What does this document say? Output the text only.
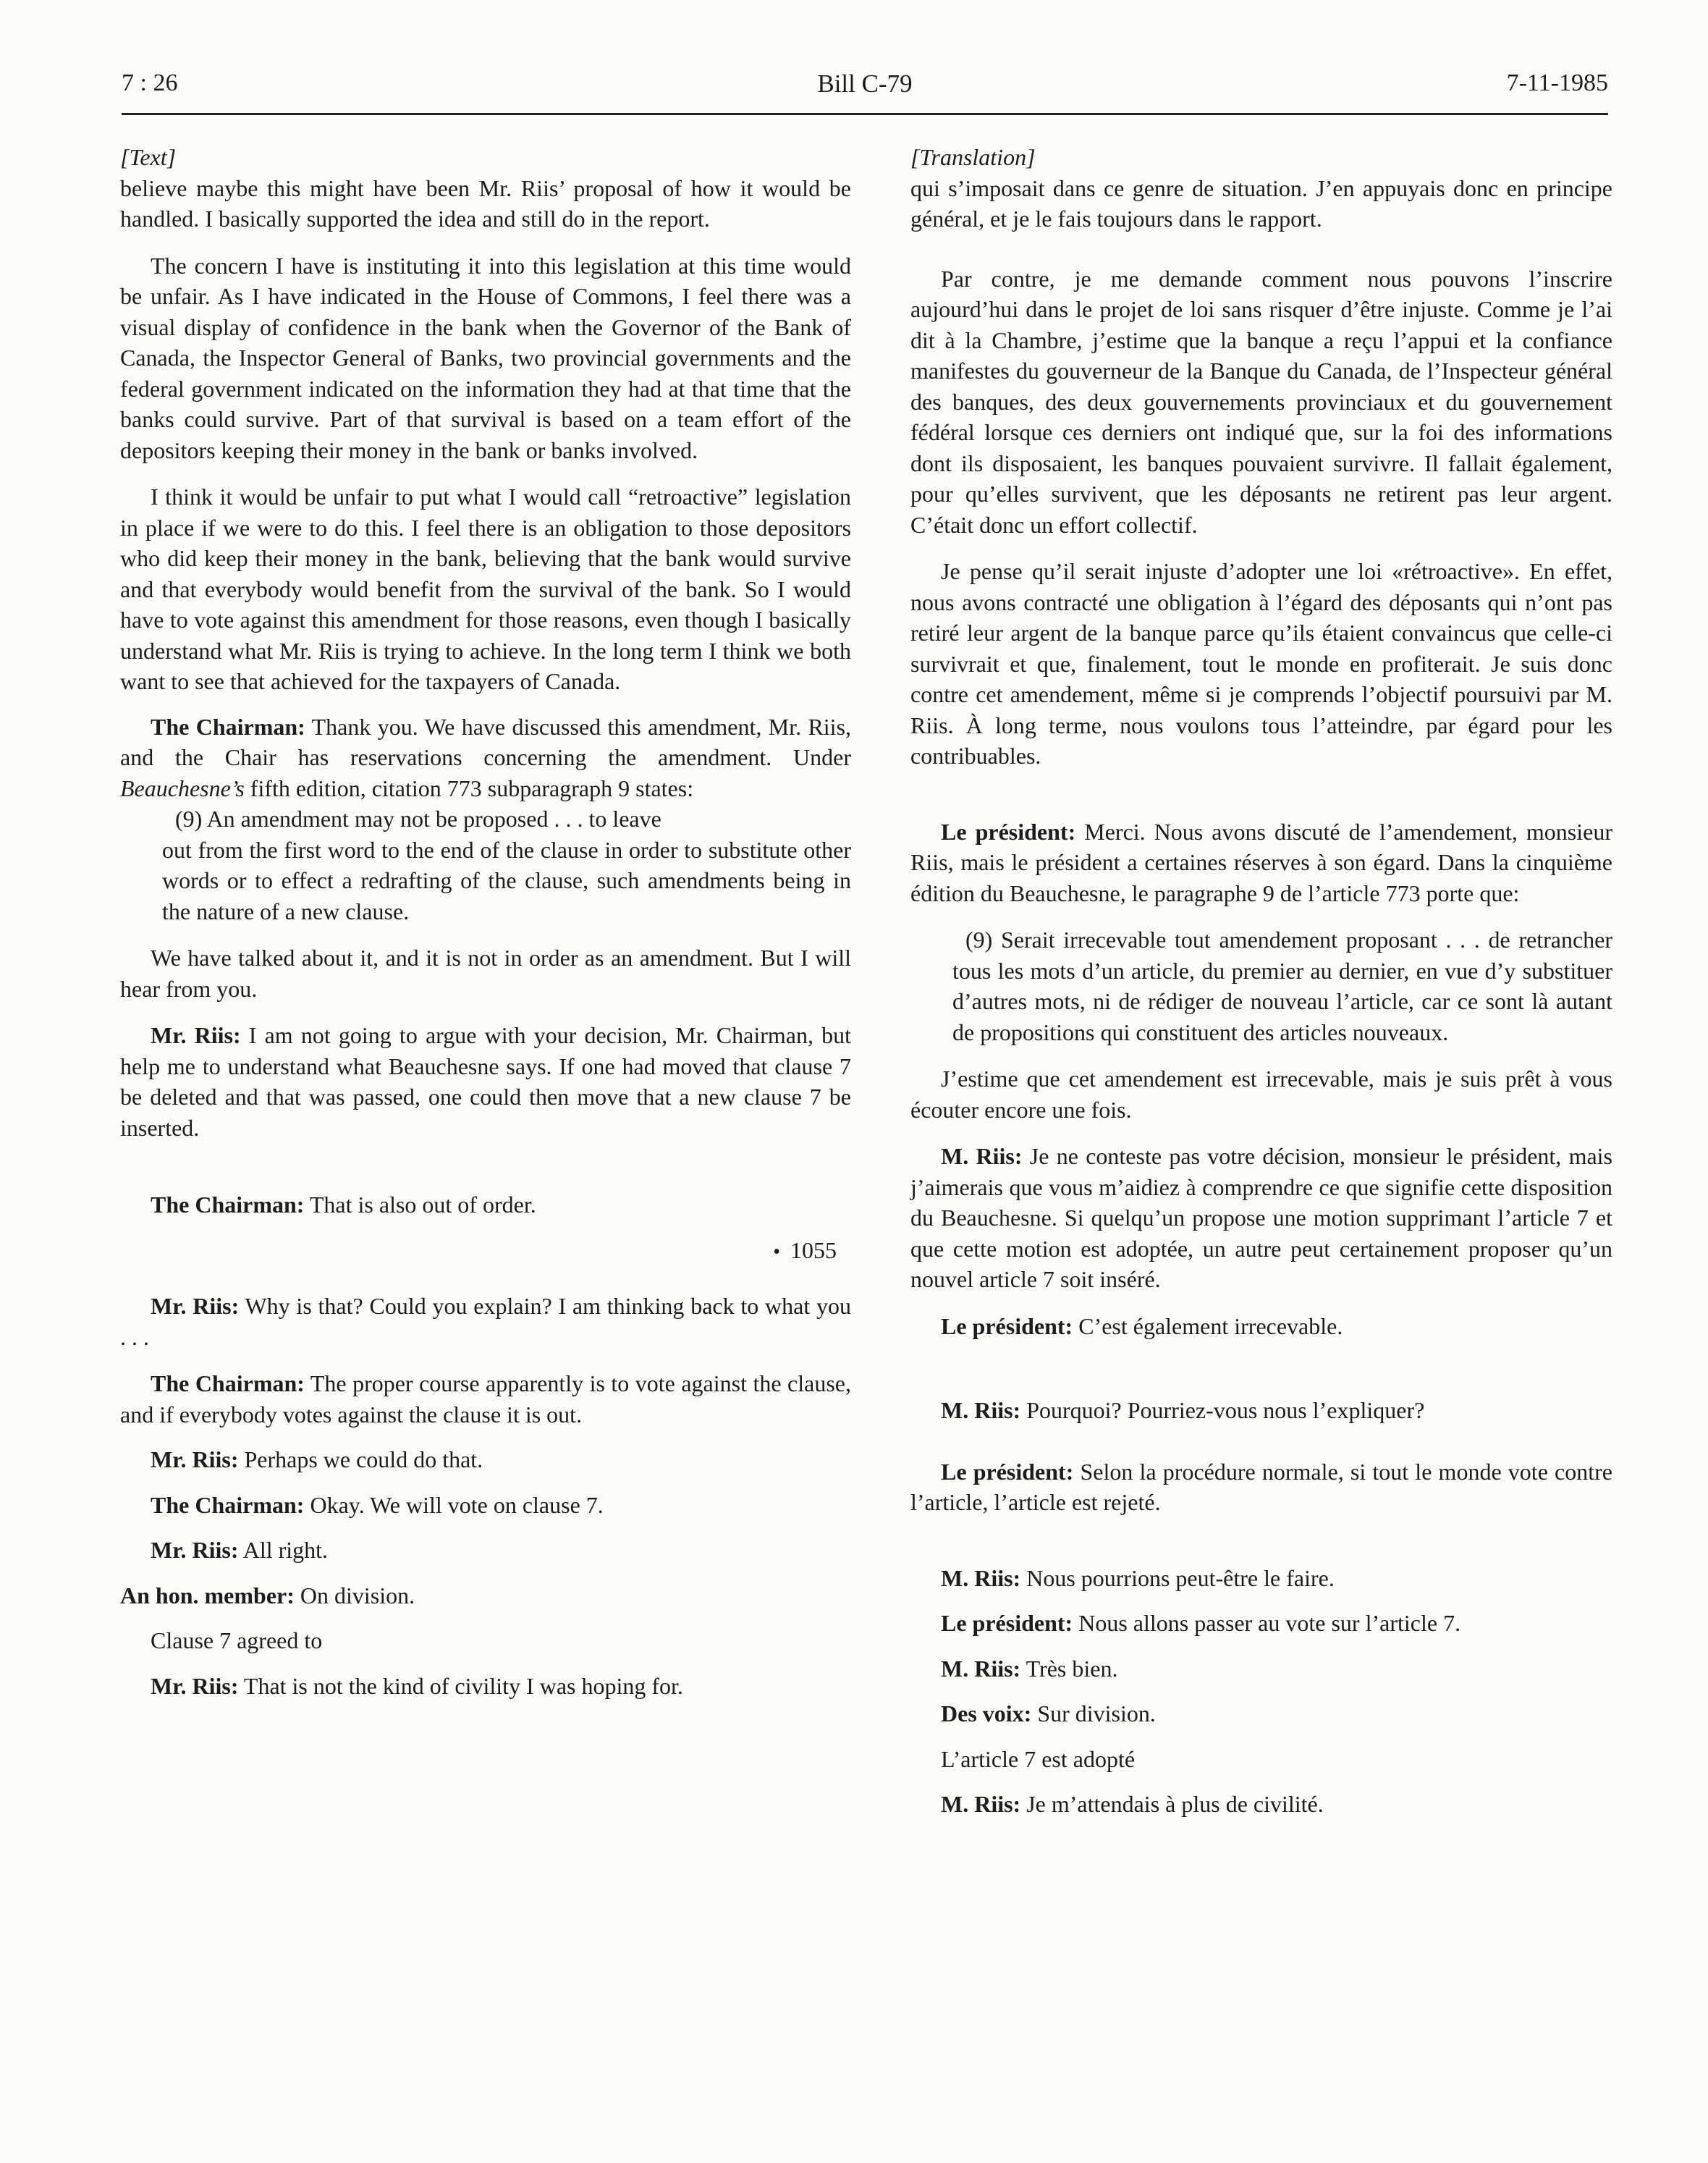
7 : 26	Bill C-79	7-11-1985

[Text]

believe maybe this might have been Mr. Riis’ proposal of how it would be handled. I basically supported the idea and still do in the report.

The concern I have is instituting it into this legislation at this time would be unfair. As I have indicated in the House of Commons, I feel there was a visual display of confidence in the bank when the Governor of the Bank of Canada, the Inspector General of Banks, two provincial governments and the federal government indicated on the information they had at that time that the banks could survive. Part of that survival is based on a team effort of the depositors keeping their money in the bank or banks involved.

I think it would be unfair to put what I would call “retroactive” legislation in place if we were to do this. I feel there is an obligation to those depositors who did keep their money in the bank, believing that the bank would survive and that everybody would benefit from the survival of the bank. So I would have to vote against this amendment for those reasons, even though I basically understand what Mr. Riis is trying to achieve. In the long term I think we both want to see that achieved for the taxpayers of Canada.

The Chairman: Thank you. We have discussed this amendment, Mr. Riis, and the Chair has reservations concerning the amendment. Under Beauchesne’s fifth edition, citation 773 subparagraph 9 states:

(9) An amendment may not be proposed . . . to leave
out from the first word to the end of the clause in order to substitute other words or to effect a redrafting of the clause, such amendments being in the nature of a new clause.

We have talked about it, and it is not in order as an amendment. But I will hear from you.

Mr. Riis: I am not going to argue with your decision, Mr. Chairman, but help me to understand what Beauchesne says. If one had moved that clause 7 be deleted and that was passed, one could then move that a new clause 7 be inserted.

The Chairman: That is also out of order.

• 1055

Mr. Riis: Why is that? Could you explain? I am thinking back to what you . . .

The Chairman: The proper course apparently is to vote against the clause, and if everybody votes against the clause it is out.

Mr. Riis: Perhaps we could do that.

The Chairman: Okay. We will vote on clause 7.

Mr. Riis: All right.

An hon. member: On division.

Clause 7 agreed to

Mr. Riis: That is not the kind of civility I was hoping for.

[Translation]

qui s’imposait dans ce genre de situation. J’en appuyais donc en principe général, et je le fais toujours dans le rapport.

Par contre, je me demande comment nous pouvons l’inscrire aujourd’hui dans le projet de loi sans risquer d’être injuste. Comme je l’ai dit à la Chambre, j’estime que la banque a reçu l’appui et la confiance manifestes du gouverneur de la Banque du Canada, de l’Inspecteur général des banques, des deux gouvernements provinciaux et du gouvernement fédéral lorsque ces derniers ont indiqué que, sur la foi des informations dont ils disposaient, les banques pouvaient survivre. Il fallait également, pour qu’elles survivent, que les déposants ne retirent pas leur argent. C’était donc un effort collectif.

Je pense qu’il serait injuste d’adopter une loi «rétroactive». En effet, nous avons contracté une obligation à l’égard des déposants qui n’ont pas retiré leur argent de la banque parce qu’ils étaient convaincus que celle-ci survivrait et que, finalement, tout le monde en profiterait. Je suis donc contre cet amendement, même si je comprends l’objectif poursuivi par M. Riis. À long terme, nous voulons tous l’atteindre, par égard pour les contribuables.

Le président: Merci. Nous avons discuté de l’amendement, monsieur Riis, mais le président a certaines réserves à son égard. Dans la cinquième édition du Beauchesne, le paragraphe 9 de l’article 773 porte que:

(9) Serait irrecevable tout amendement proposant . . . de retrancher tous les mots d’un article, du premier au dernier, en vue d’y substituer d’autres mots, ni de rédiger de nouveau l’article, car ce sont là autant de propositions qui constituent des articles nouveaux.

J’estime que cet amendement est irrecevable, mais je suis prêt à vous écouter encore une fois.

M. Riis: Je ne conteste pas votre décision, monsieur le président, mais j’aimerais que vous m’aidiez à comprendre ce que signifie cette disposition du Beauchesne. Si quelqu’un propose une motion supprimant l’article 7 et que cette motion est adoptée, un autre peut certainement proposer qu’un nouvel article 7 soit inséré.

Le président: C’est également irrecevable.

M. Riis: Pourquoi? Pourriez-vous nous l’expliquer?

Le président: Selon la procédure normale, si tout le monde vote contre l’article, l’article est rejeté.

M. Riis: Nous pourrions peut-être le faire.

Le président: Nous allons passer au vote sur l’article 7.

M. Riis: Très bien.

Des voix: Sur division.

L’article 7 est adopté

M. Riis: Je m’attendais à plus de civilité.
